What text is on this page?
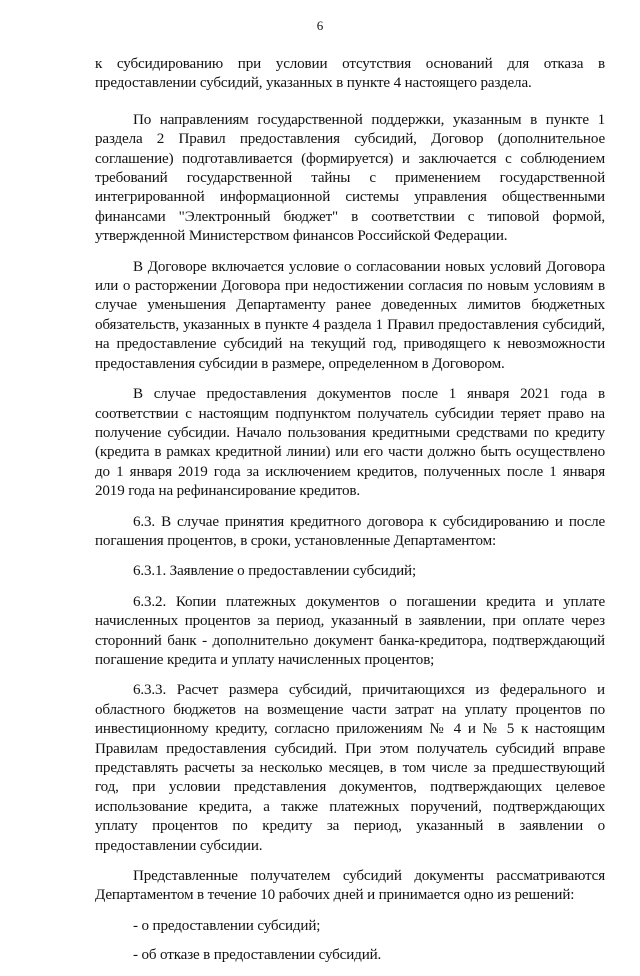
6

к субсидированию при условии отсутствия оснований для отказа в предоставлении субсидий, указанных в пункте 4 настоящего раздела.

По направлениям государственной поддержки, указанным в пункте 1 раздела 2 Правил предоставления субсидий, Договор (дополнительное соглашение) подготавливается (формируется) и заключается с соблюдением требований государственной тайны с применением государственной интегрированной информационной системы управления общественными финансами "Электронный бюджет" в соответствии с типовой формой, утвержденной Министерством финансов Российской Федерации.

В Договоре включается условие о согласовании новых условий Договора или о расторжении Договора при недостижении согласия по новым условиям в случае уменьшения Департаменту ранее доведенных лимитов бюджетных обязательств, указанных в пункте 4 раздела 1 Правил предоставления субсидий, на предоставление субсидий на текущий год, приводящего к невозможности предоставления субсидии в размере, определенном в Договором.

В случае предоставления документов после 1 января 2021 года в соответствии с настоящим подпунктом получатель субсидии теряет право на получение субсидии. Начало пользования кредитными средствами по кредиту (кредита в рамках кредитной линии) или его части должно быть осуществлено до 1 января 2019 года за исключением кредитов, полученных после 1 января 2019 года на рефинансирование кредитов.

6.3. В случае принятия кредитного договора к субсидированию и после погашения процентов, в сроки, установленные Департаментом:

6.3.1. Заявление о предоставлении субсидий;

6.3.2. Копии платежных документов о погашении кредита и уплате начисленных процентов за период, указанный в заявлении, при оплате через сторонний банк - дополнительно документ банка-кредитора, подтверждающий погашение кредита и уплату начисленных процентов;

6.3.3. Расчет размера субсидий, причитающихся из федерального и областного бюджетов на возмещение части затрат на уплату процентов по инвестиционному кредиту, согласно приложениям № 4 и № 5 к настоящим Правилам предоставления субсидий. При этом получатель субсидий вправе представлять расчеты за несколько месяцев, в том числе за предшествующий год, при условии представления документов, подтверждающих целевое использование кредита, а также платежных поручений, подтверждающих уплату процентов по кредиту за период, указанный в заявлении о предоставлении субсидии.

Представленные получателем субсидий документы рассматриваются Департаментом в течение 10 рабочих дней и принимается одно из решений:

- о предоставлении субсидий;

- об отказе в предоставлении субсидий.
